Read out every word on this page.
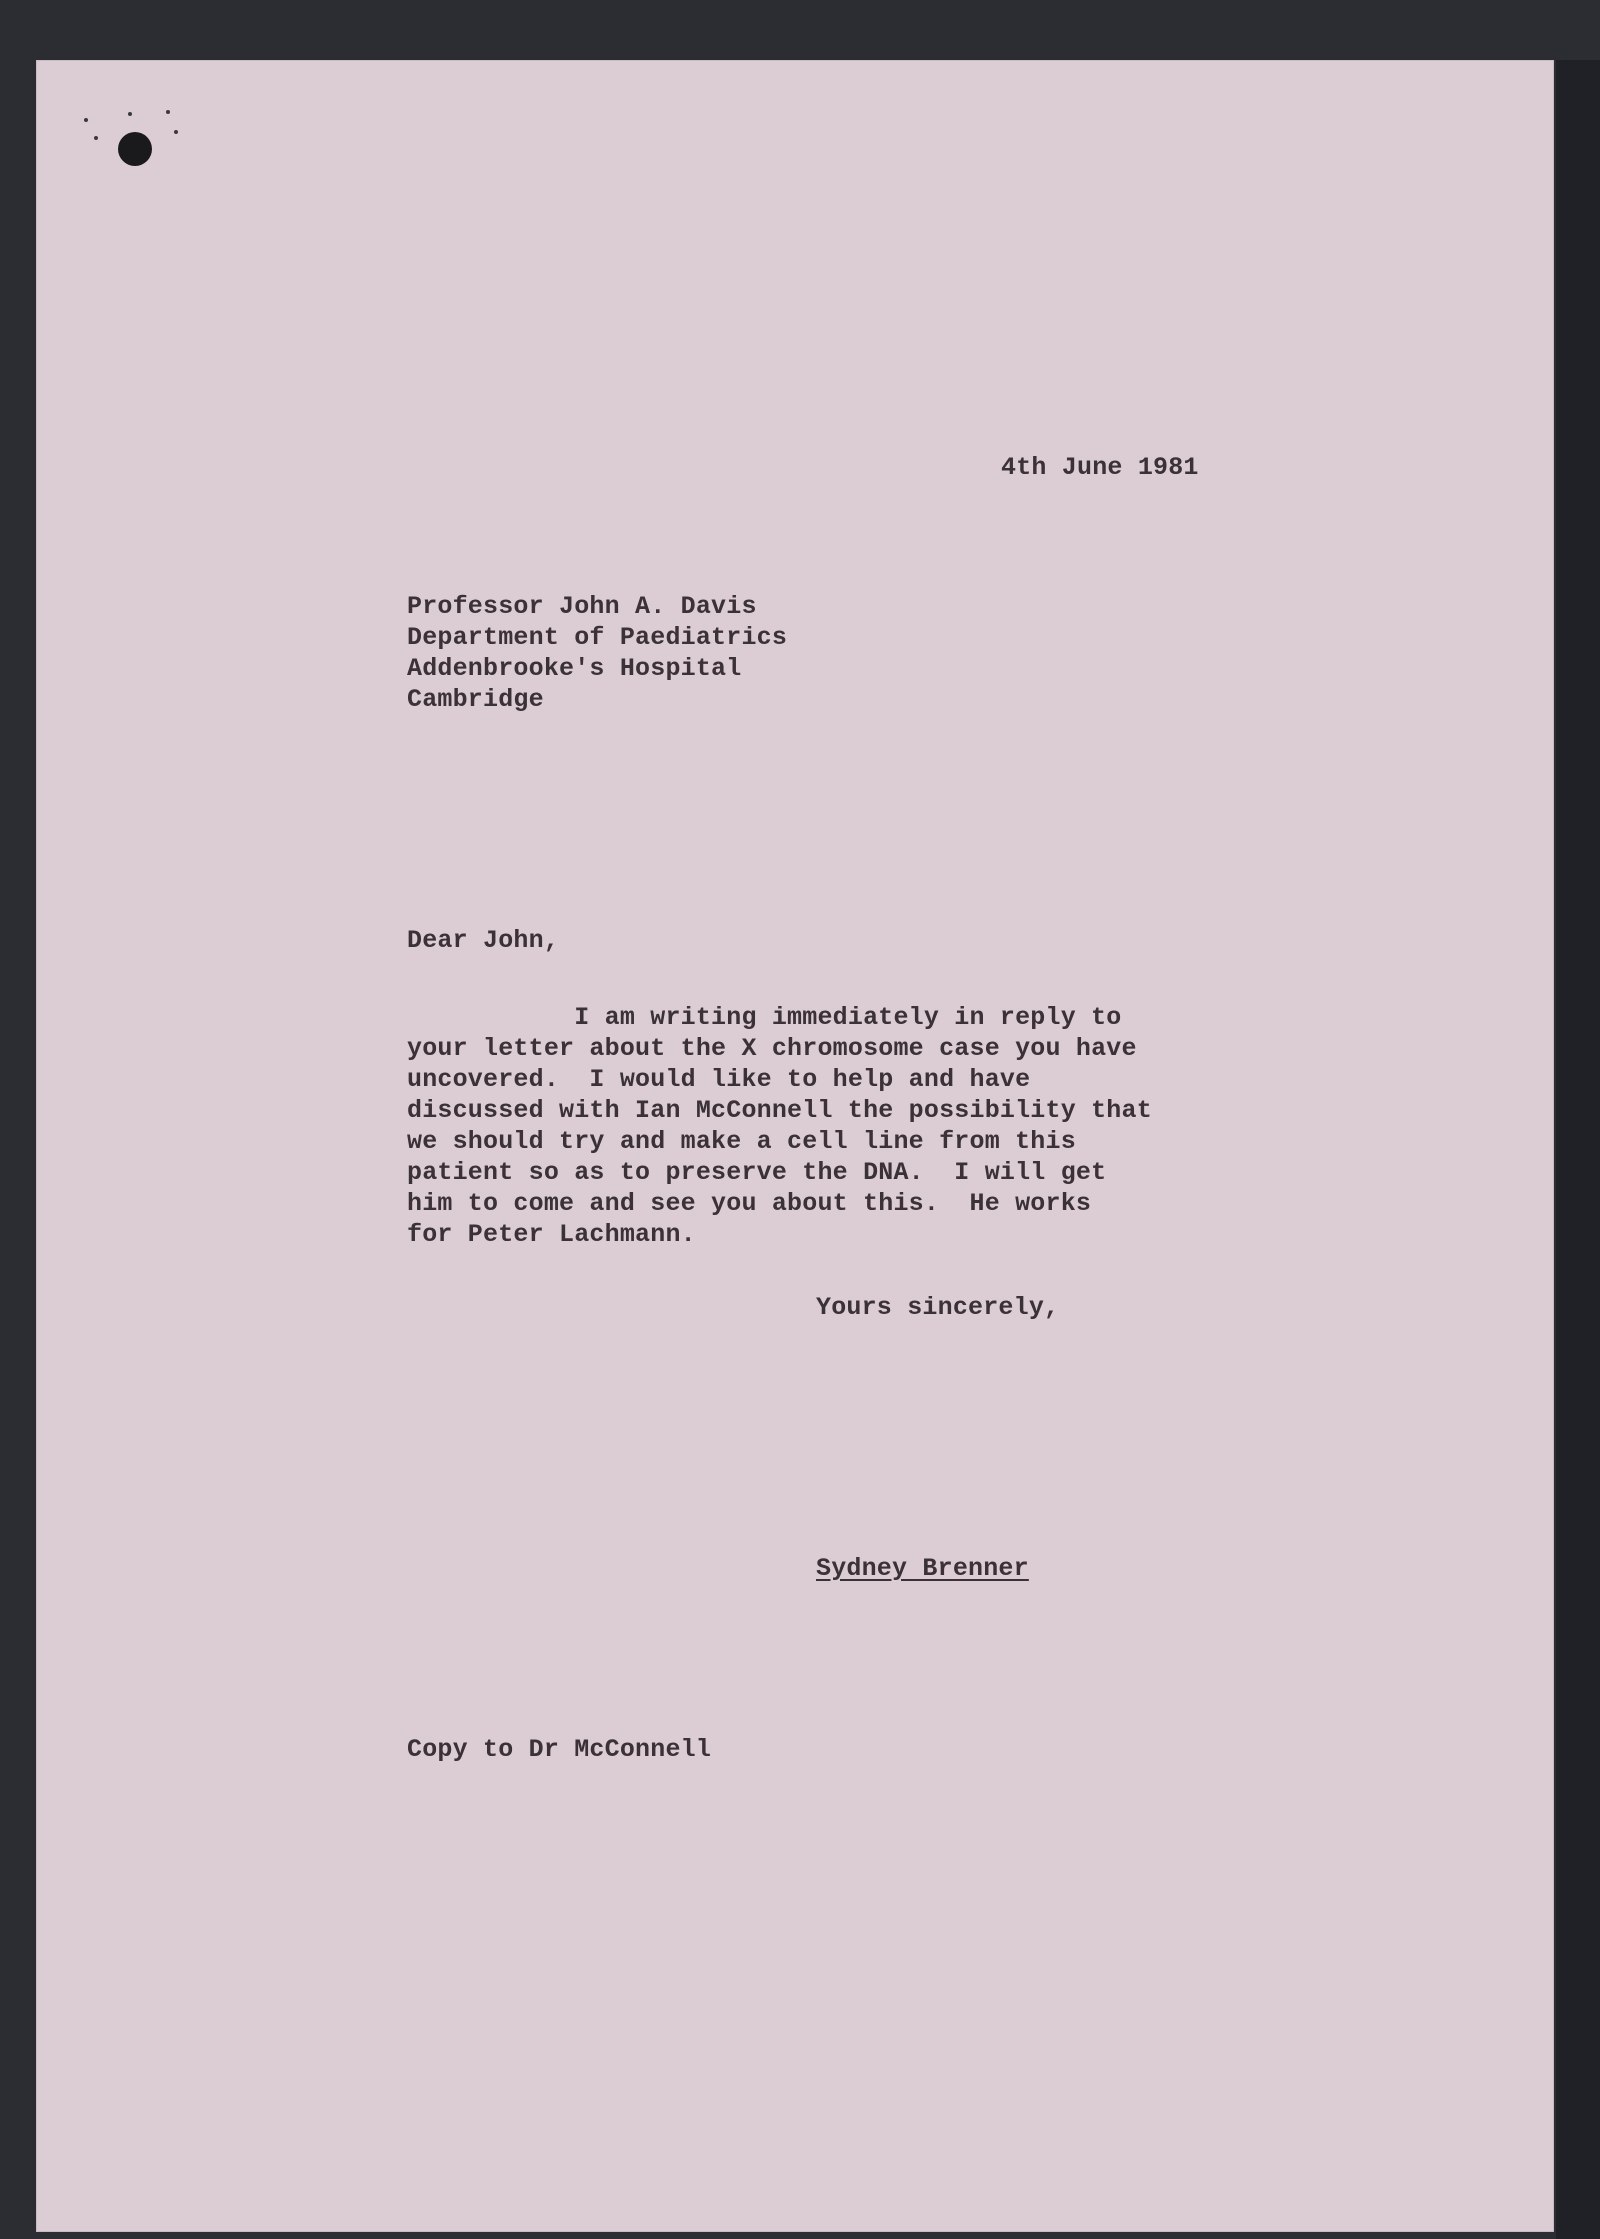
4th June 1981

Professor John A. Davis
Department of Paediatrics
Addenbrooke's Hospital
Cambridge

Dear John,

I am writing immediately in reply to
your letter about the X chromosome case you have
uncovered.  I would like to help and have
discussed with Ian McConnell the possibility that
we should try and make a cell line from this
patient so as to preserve the DNA.  I will get
him to come and see you about this.  He works
for Peter Lachmann.

Yours sincerely,

Sydney Brenner

Copy to Dr McConnell
